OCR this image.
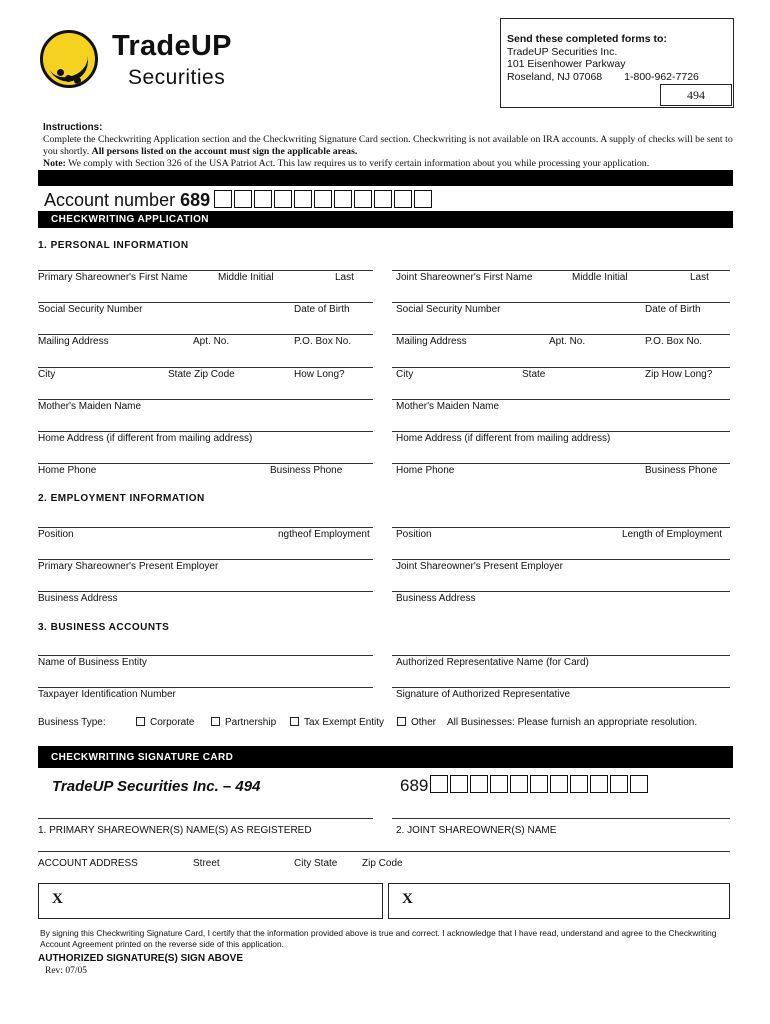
TradeUP
Securities
Send these completed forms to:
TradeUP Securities Inc.
101 Eisenhower Parkway
Roseland, NJ 07068 1-800-962-7726
494
Instructions:
Complete the Checkwriting Application section and the Checkwriting Signature Card section. Checkwriting is not available on IRA accounts. A supply of checks will be sent to you shortly. All persons listed on the account must sign the applicable areas.
Note: We comply with Section 326 of the USA Patriot Act. This law requires us to verify certain information about you while processing your application.
Account number 689
CHECKWRITING APPLICATION
1. PERSONAL INFORMATION
Primary Shareowner's First Name	Middle Initial	Last	Joint Shareowner's First Name	Middle Initial	Last
Social Security Number	Date of Birth	Social Security Number	Date of Birth
Mailing Address	Apt. No.	P.O. Box No.	Mailing Address	Apt. No.	P.O. Box No.
City	State Zip Code	How Long?	City	State	Zip How Long?
Mother's Maiden Name	Mother's Maiden Name
Home Address (if different from mailing address)	Home Address (if different from mailing address)
Home Phone	Business Phone	Home Phone	Business Phone
Position	ngtheof Employment	Position	Length of Employment
Primary Shareowner's Present Employer	Joint Shareowner's Present Employer
Business Address	Business Address
Name of Business Entity	Authorized Representative Name (for Card)
Taxpayer Identification Number	Signature of Authorized Representative
2. EMPLOYMENT INFORMATION
3. BUSINESS ACCOUNTS
Business Type:	Corporate	Partnership	Tax Exempt Entity	Other All Businesses: Please furnish an appropriate resolution.
CHECKWRITING SIGNATURE CARD
TradeUP Securities Inc. – 494	689
1. PRIMARY SHAREOWNER(S) NAME(S) AS REGISTERED	2. JOINT SHAREOWNER(S) NAME
ACCOUNT ADDRESS	Street	City State Zip Code
X	X
By signing this Checkwriting Signature Card, I certify that the information provided above is true and correct. I acknowledge that I have read, understand and agree to the Checkwriting
Account Agreement printed on the reverse side of this application.
AUTHORIZED SIGNATURE(S) SIGN ABOVE
Rev: 07/05
